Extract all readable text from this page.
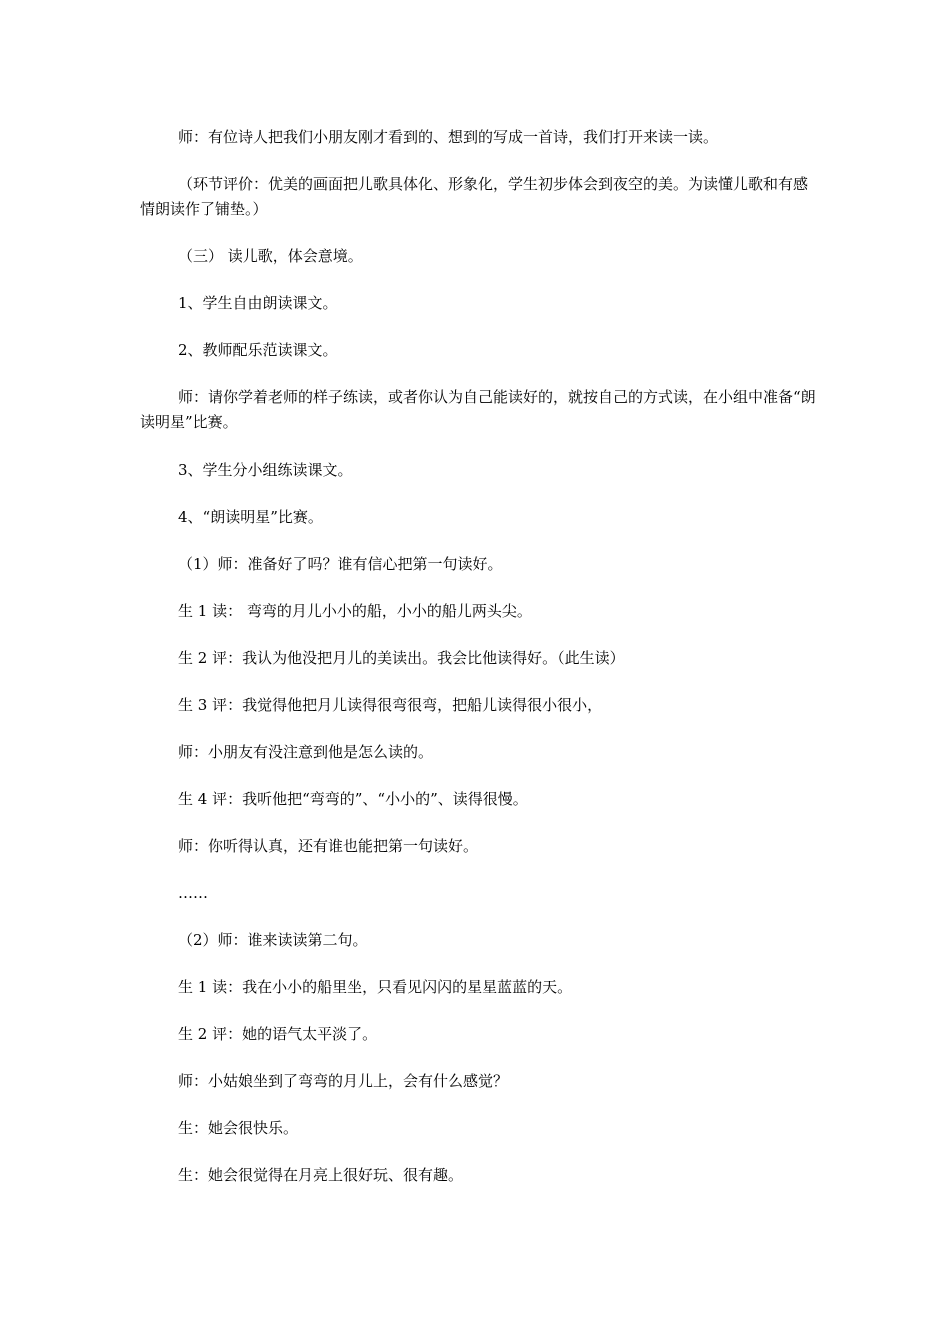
师：有位诗人把我们小朋友刚才看到的、想到的写成一首诗，我们打开来读一读。
（环节评价：优美的画面把儿歌具体化、形象化，学生初步体会到夜空的美。为读懂儿歌和有感情朗读作了铺垫。）
（三） 读儿歌，体会意境。
1、学生自由朗读课文。
2、教师配乐范读课文。
师：请你学着老师的样子练读，或者你认为自己能读好的，就按自己的方式读，在小组中准备“朗读明星”比赛。
3、学生分小组练读课文。
4、“朗读明星”比赛。
（1）师：准备好了吗？谁有信心把第一句读好。
生 1 读： 弯弯的月儿小小的船，小小的船儿两头尖。
生 2 评：我认为他没把月儿的美读出。我会比他读得好。（此生读）
生 3 评：我觉得他把月儿读得很弯很弯，把船儿读得很小很小，
师：小朋友有没注意到他是怎么读的。
生 4 评：我听他把“弯弯的”、“小小的”、读得很慢。
师：你听得认真，还有谁也能把第一句读好。
……
（2）师：谁来读读第二句。
生 1 读：我在小小的船里坐，只看见闪闪的星星蓝蓝的天。
生 2 评：她的语气太平淡了。
师：小姑娘坐到了弯弯的月儿上，会有什么感觉？
生：她会很快乐。
生：她会很觉得在月亮上很好玩、很有趣。
